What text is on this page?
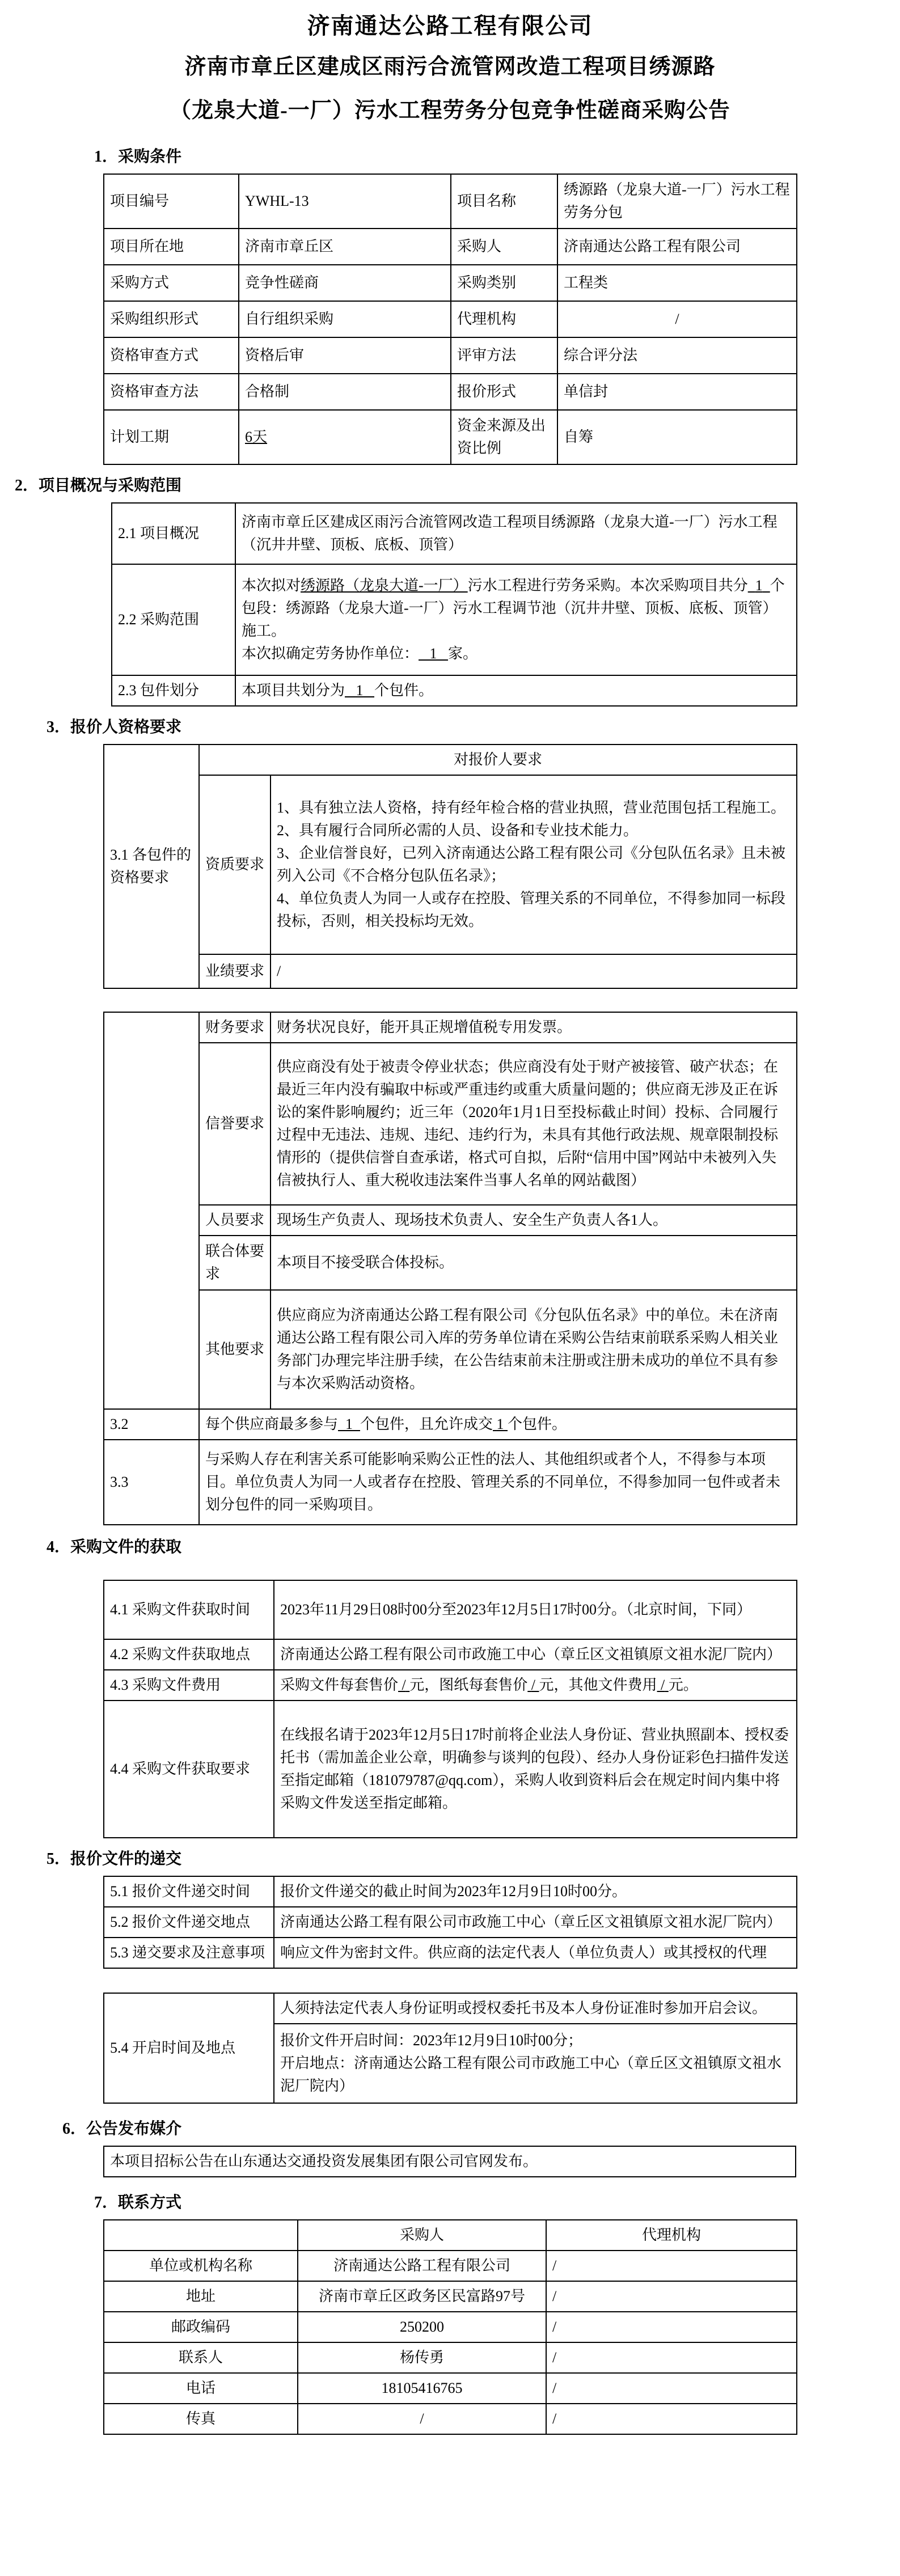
济南通达公路工程有限公司
济南市章丘区建成区雨污合流管网改造工程项目绣源路
（龙泉大道-一厂）污水工程劳务分包竞争性磋商采购公告
1．采购条件
项目编号	YWHL-13	项目名称	绣源路（龙泉大道-一厂）污水工程劳务分包
项目所在地	济南市章丘区	采购人	济南通达公路工程有限公司
采购方式	竞争性磋商	采购类别	工程类
采购组织形式	自行组织采购	代理机构	/
资格审查方式	资格后审	评审方法	综合评分法
资格审查方法	合格制	报价形式	单信封
计划工期	6天	资金来源及出资比例	自筹
2．项目概况与采购范围
2.1 项目概况	济南市章丘区建成区雨污合流管网改造工程项目绣源路（龙泉大道-一厂）污水工程（沉井井壁、顶板、底板、顶管）
2.2 采购范围	本次拟对绣源路（龙泉大道-一厂）污水工程进行劳务采购。本次采购项目共分 1 个包段：绣源路（龙泉大道-一厂）污水工程调节池（沉井井壁、顶板、底板、顶管）施工。
本次拟确定劳务协作单位： 1 家。
2.3 包件划分	本项目共划分为 1 个包件。
3．报价人资格要求
3.1 各包件的资格要求	对报价人要求	
	资质要求	1、具有独立法人资格，持有经年检合格的营业执照，营业范围包括工程施工。
2、具有履行合同所必需的人员、设备和专业技术能力。
3、企业信誉良好，已列入济南通达公路工程有限公司《分包队伍名录》且未被列入公司《不合格分包队伍名录》；
4、单位负责人为同一人或存在控股、管理关系的不同单位，不得参加同一标段投标，否则，相关投标均无效。

	业绩要求	/
	财务要求	财务状况良好，能开具正规增值税专用发票。
	信誉要求	供应商没有处于被责令停业状态；供应商没有处于财产被接管、破产状态；在最近三年内没有骗取中标或严重违约或重大质量问题的；供应商无涉及正在诉讼的案件影响履约；近三年（2020年1月1日至投标截止时间）投标、合同履行过程中无违法、违规、违纪、违约行为，未具有其他行政法规、规章限制投标情形的（提供信誉自查承诺，格式可自拟，后附“信用中国”网站中未被列入失信被执行人、重大税收违法案件当事人名单的网站截图）
	人员要求	现场生产负责人、现场技术负责人、安全生产负责人各1人。
	联合体要求	本项目不接受联合体投标。
	其他要求	供应商应为济南通达公路工程有限公司《分包队伍名录》中的单位。未在济南通达公路工程有限公司入库的劳务单位请在采购公告结束前联系采购人相关业务部门办理完毕注册手续，在公告结束前未注册或注册未成功的单位不具有参与本次采购活动资格。
3.2	每个供应商最多参与 1 个包件，且允许成交 1 个包件。	
3.3	与采购人存在利害关系可能影响采购公正性的法人、其他组织或者个人，不得参与本项目。单位负责人为同一人或者存在控股、管理关系的不同单位，不得参加同一包件或者未划分包件的同一采购项目。	
4．采购文件的获取
4.1 采购文件获取时间	2023年11月29日08时00分至2023年12月5日17时00分。（北京时间，下同）
4.2 采购文件获取地点	济南通达公路工程有限公司市政施工中心（章丘区文祖镇原文祖水泥厂院内）
4.3 采购文件费用	采购文件每套售价 / 元，图纸每套售价 / 元，其他文件费用 / 元。
4.4 采购文件获取要求	在线报名请于2023年12月5日17时前将企业法人身份证、营业执照副本、授权委托书（需加盖企业公章，明确参与谈判的包段）、经办人身份证彩色扫描件发送至指定邮箱（181079787@qq.com），采购人收到资料后会在规定时间内集中将采购文件发送至指定邮箱。
5．报价文件的递交
5.1 报价文件递交时间	报价文件递交的截止时间为2023年12月9日10时00分。
5.2 报价文件递交地点	济南通达公路工程有限公司市政施工中心（章丘区文祖镇原文祖水泥厂院内）
5.3 递交要求及注意事项	响应文件为密封文件。供应商的法定代表人（单位负责人）或其授权的代理
5.4 开启时间及地点	人须持法定代表人身份证明或授权委托书及本人身份证准时参加开启会议。

报价文件开启时间：2023年12月9日10时00分；
开启地点：济南通达公路工程有限公司市政施工中心（章丘区文祖镇原文祖水泥厂院内）
6．公告发布媒介
本项目招标公告在山东通达交通投资发展集团有限公司官网发布。
7．联系方式
	采购人	代理机构
单位或机构名称	济南通达公路工程有限公司	/
地址	济南市章丘区政务区民富路97号	/
邮政编码	250200	/
联系人	杨传勇	/
电话	18105416765	/
传真	/	/
